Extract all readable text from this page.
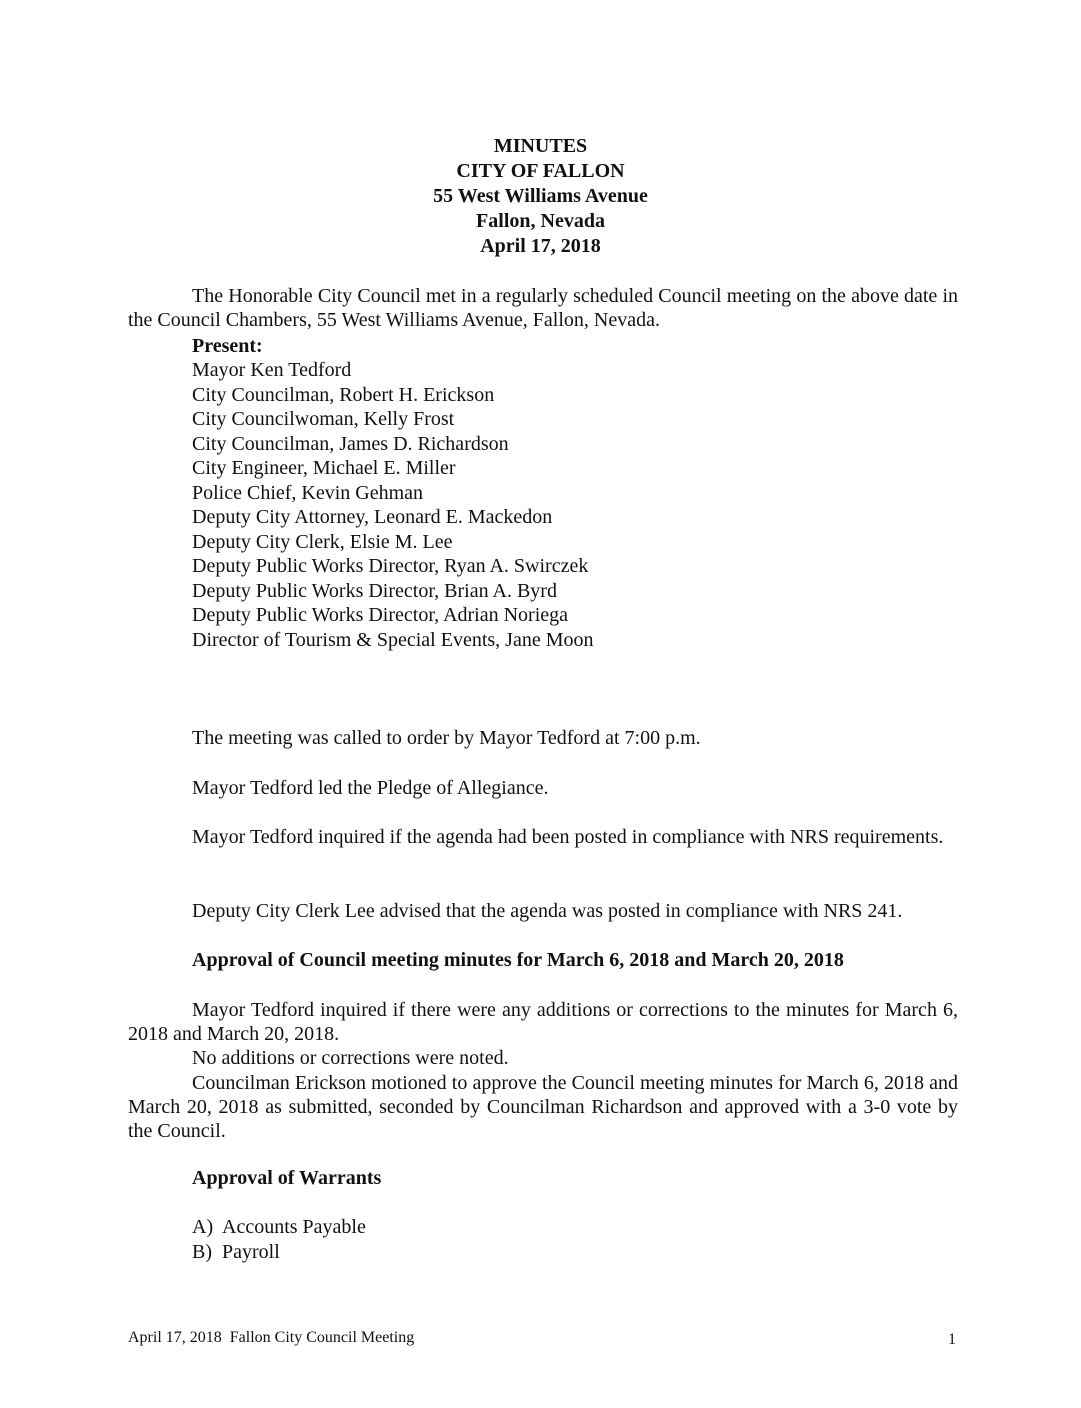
MINUTES
CITY OF FALLON
55 West Williams Avenue
Fallon, Nevada
April 17, 2018
The Honorable City Council met in a regularly scheduled Council meeting on the above date in the Council Chambers, 55 West Williams Avenue, Fallon, Nevada.
Present:
Mayor Ken Tedford
City Councilman, Robert H. Erickson
City Councilwoman, Kelly Frost
City Councilman, James D. Richardson
City Engineer, Michael E. Miller
Police Chief, Kevin Gehman
Deputy City Attorney, Leonard E. Mackedon
Deputy City Clerk, Elsie M. Lee
Deputy Public Works Director, Ryan A. Swirczek
Deputy Public Works Director, Brian A. Byrd
Deputy Public Works Director, Adrian Noriega
Director of Tourism & Special Events, Jane Moon
The meeting was called to order by Mayor Tedford at 7:00 p.m.
Mayor Tedford led the Pledge of Allegiance.
Mayor Tedford inquired if the agenda had been posted in compliance with NRS requirements.
Deputy City Clerk Lee advised that the agenda was posted in compliance with NRS 241.
Approval of Council meeting minutes for March 6, 2018 and March 20, 2018
Mayor Tedford inquired if there were any additions or corrections to the minutes for March 6, 2018 and March 20, 2018.
No additions or corrections were noted.
Councilman Erickson motioned to approve the Council meeting minutes for March 6, 2018 and March 20, 2018 as submitted, seconded by Councilman Richardson and approved with a 3-0 vote by the Council.
Approval of Warrants
A)  Accounts Payable
B)  Payroll
April 17, 2018  Fallon City Council Meeting	1
